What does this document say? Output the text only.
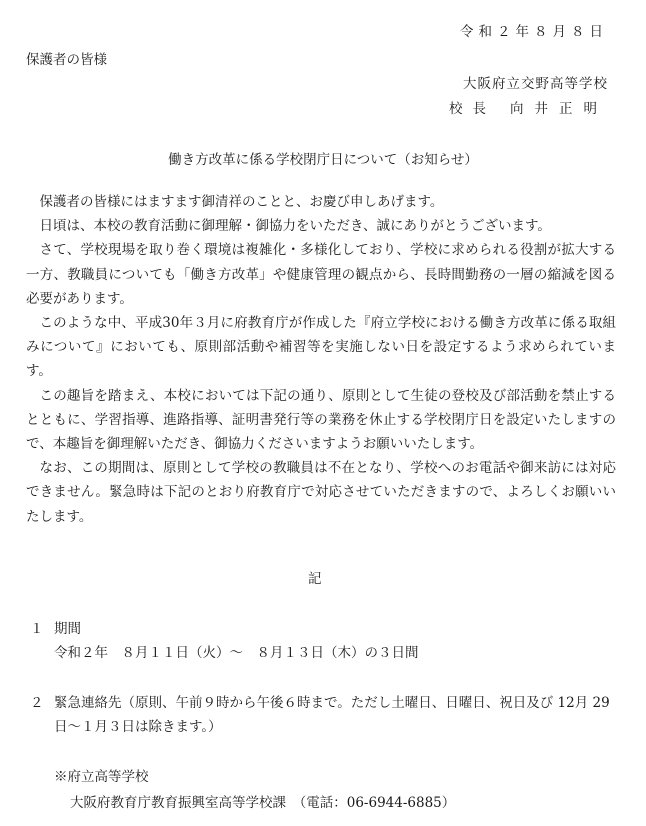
令和２年８月８日
保護者の皆様
大阪府立交野高等学校
校長 向井正明
働き方改革に係る学校閉庁日について（お知らせ）

保護者の皆様にはますます御清祥のことと、お慶び申しあげます。

日頃は、本校の教育活動に御理解・御協力をいただき、誠にありがとうございます。

さて、学校現場を取り巻く環境は複雑化・多様化しており、学校に求められる役割が拡大する一方、教職員についても「働き方改革」や健康管理の観点から、長時間勤務の一層の縮減を図る必要があります。

このような中、平成30年３月に府教育庁が作成した『府立学校における働き方改革に係る取組みについて』においても、原則部活動や補習等を実施しない日を設定するよう求められています。

この趣旨を踏まえ、本校においては下記の通り、原則として生徒の登校及び部活動を禁止するとともに、学習指導、進路指導、証明書発行等の業務を休止する学校閉庁日を設定いたしますので、本趣旨を御理解いただき、御協力くださいますようお願いいたします。

なお、この期間は、原則として学校の教職員は不在となり、学校へのお電話や御来訪には対応できません。緊急時は下記のとおり府教育庁で対応させていただきますので、よろしくお願いいたします。

記
１ 期間
令和２年　８月１１日（火）～　８月１３日（木）の３日間
２ 緊急連絡先（原則、午前９時から午後６時まで。ただし土曜日、日曜日、祝日及び 12月 29 日～１月３日は除きます。）
※府立高等学校
大阪府教育庁教育振興室高等学校課　（電話：06-6944-6885）
